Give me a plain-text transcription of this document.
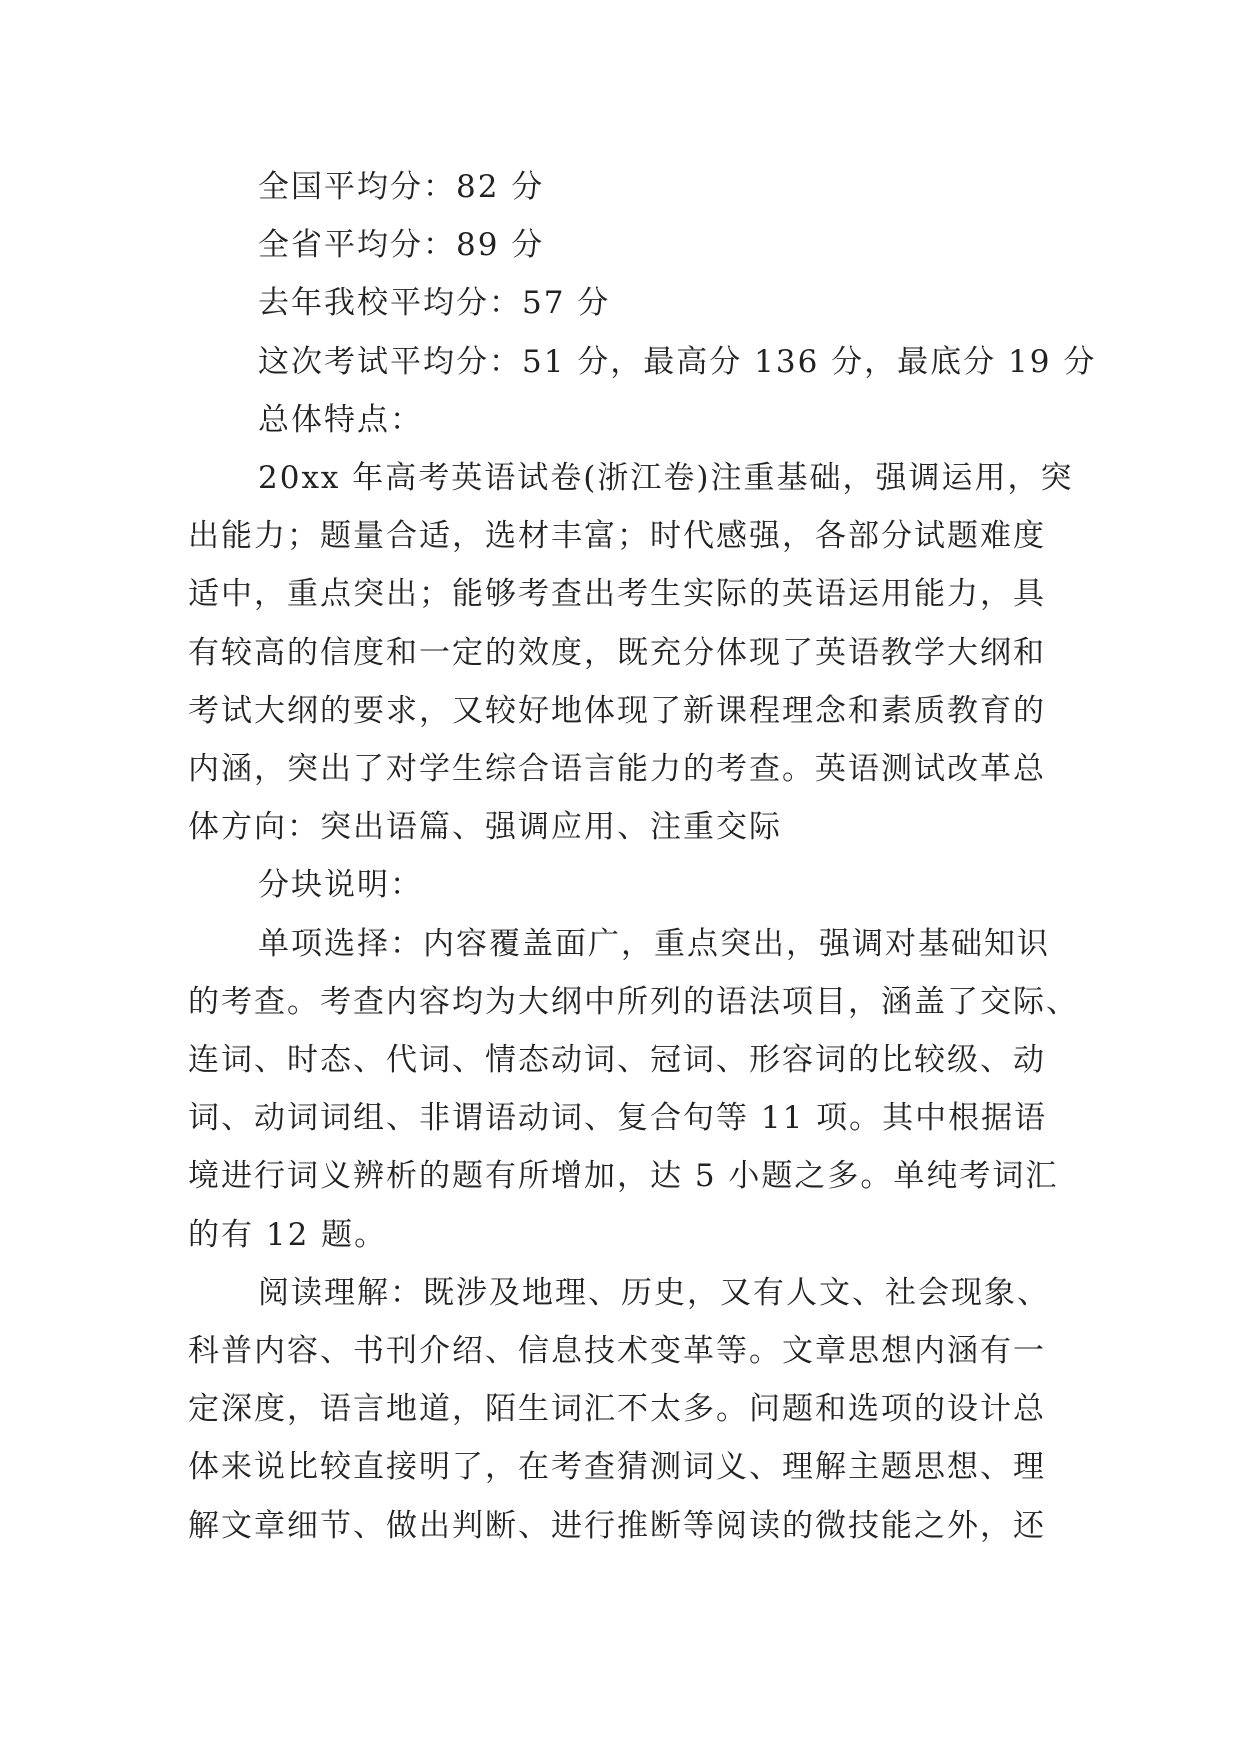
全国平均分：82 分
全省平均分：89 分
去年我校平均分：57 分
这次考试平均分：51 分，最高分 136 分，最底分 19 分
总体特点：
20xx 年高考英语试卷(浙江卷)注重基础，强调运用，突
出能力；题量合适，选材丰富；时代感强，各部分试题难度
适中，重点突出；能够考查出考生实际的英语运用能力，具
有较高的信度和一定的效度，既充分体现了英语教学大纲和
考试大纲的要求，又较好地体现了新课程理念和素质教育的
内涵，突出了对学生综合语言能力的考查。英语测试改革总
体方向：突出语篇、强调应用、注重交际
分块说明：
单项选择：内容覆盖面广，重点突出，强调对基础知识
的考查。考查内容均为大纲中所列的语法项目，涵盖了交际、
连词、时态、代词、情态动词、冠词、形容词的比较级、动
词、动词词组、非谓语动词、复合句等 11 项。其中根据语
境进行词义辨析的题有所增加，达 5 小题之多。单纯考词汇
的有 12 题。
阅读理解：既涉及地理、历史，又有人文、社会现象、
科普内容、书刊介绍、信息技术变革等。文章思想内涵有一
定深度，语言地道，陌生词汇不太多。问题和选项的设计总
体来说比较直接明了，在考查猜测词义、理解主题思想、理
解文章细节、做出判断、进行推断等阅读的微技能之外，还
